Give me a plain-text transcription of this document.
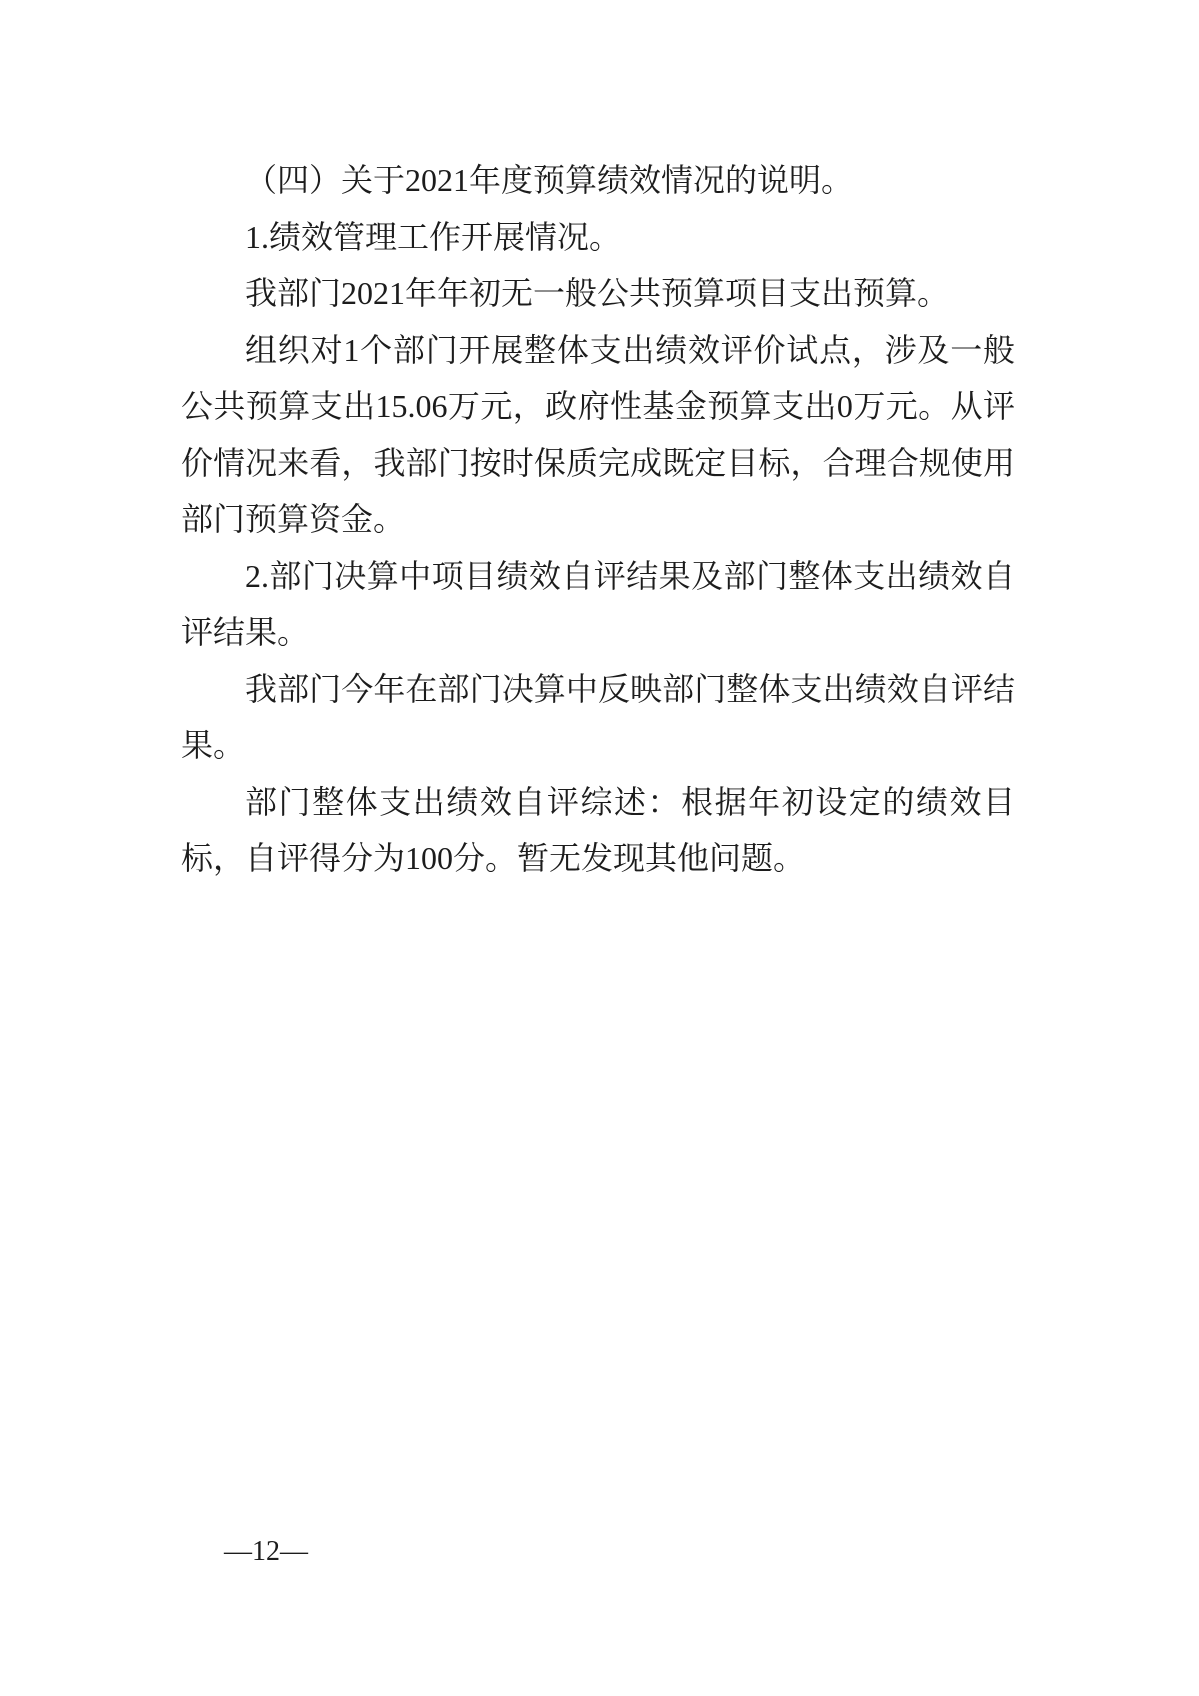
（四）关于2021年度预算绩效情况的说明。

1.绩效管理工作开展情况。

我部门2021年年初无一般公共预算项目支出预算。

组织对1个部门开展整体支出绩效评价试点，涉及一般公共预算支出15.06万元，政府性基金预算支出0万元。从评价情况来看，我部门按时保质完成既定目标，合理合规使用部门预算资金。

2.部门决算中项目绩效自评结果及部门整体支出绩效自评结果。

我部门今年在部门决算中反映部门整体支出绩效自评结果。

部门整体支出绩效自评综述：根据年初设定的绩效目标，自评得分为100分。暂无发现其他问题。

—12—
